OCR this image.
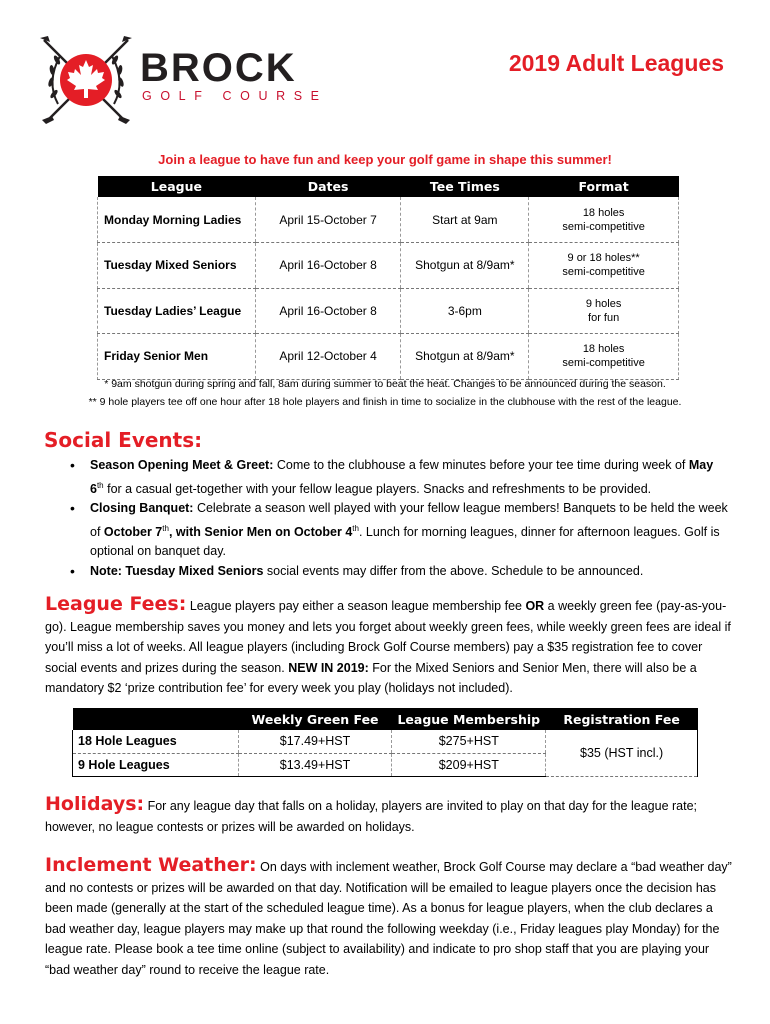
BROCK
GOLF COURSE
2019 Adult Leagues
Join a league to have fun and keep your golf game in shape this summer!
League	Dates	Tee Times	Format
Monday Morning Ladies	April 15-October 7	Start at 9am	18 holes
semi-competitive
Tuesday Mixed Seniors	April 16-October 8	Shotgun at 8/9am*	9 or 18 holes**
semi-competitive
Tuesday Ladies’ League	April 16-October 8	3-6pm	9 holes
for fun
Friday Senior Men	April 12-October 4	Shotgun at 8/9am*	18 holes
semi-competitive
* 9am shotgun during spring and fall, 8am during summer to beat the heat. Changes to be announced during the season.
** 9 hole players tee off one hour after 18 hole players and finish in time to socialize in the clubhouse with the rest of the league.
Social Events:
• Season Opening Meet & Greet: Come to the clubhouse a few minutes before your tee time during week of May 6th for a casual get-together with your fellow league players. Snacks and refreshments to be provided.
• Closing Banquet: Celebrate a season well played with your fellow league members! Banquets to be held the week of October 7th, with Senior Men on October 4th. Lunch for morning leagues, dinner for afternoon leagues. Golf is optional on banquet day.
• Note: Tuesday Mixed Seniors social events may differ from the above. Schedule to be announced.
League Fees: League players pay either a season league membership fee OR a weekly green fee (pay-as-you-go). League membership saves you money and lets you forget about weekly green fees, while weekly green fees are ideal if you’ll miss a lot of weeks. All league players (including Brock Golf Course members) pay a $35 registration fee to cover social events and prizes during the season. NEW IN 2019: For the Mixed Seniors and Senior Men, there will also be a mandatory $2 ‘prize contribution fee’ for every week you play (holidays not included).
	Weekly Green Fee	League Membership	Registration Fee
18 Hole Leagues	$17.49+HST	$275+HST	$35 (HST incl.)
9 Hole Leagues	$13.49+HST	$209+HST	
Holidays: For any league day that falls on a holiday, players are invited to play on that day for the league rate; however, no league contests or prizes will be awarded on holidays.
Inclement Weather: On days with inclement weather, Brock Golf Course may declare a “bad weather day” and no contests or prizes will be awarded on that day. Notification will be emailed to league players once the decision has been made (generally at the start of the scheduled league time). As a bonus for league players, when the club declares a bad weather day, league players may make up that round the following weekday (i.e., Friday leagues play Monday) for the league rate. Please book a tee time online (subject to availability) and indicate to pro shop staff that you are playing your “bad weather day” round to receive the league rate.
